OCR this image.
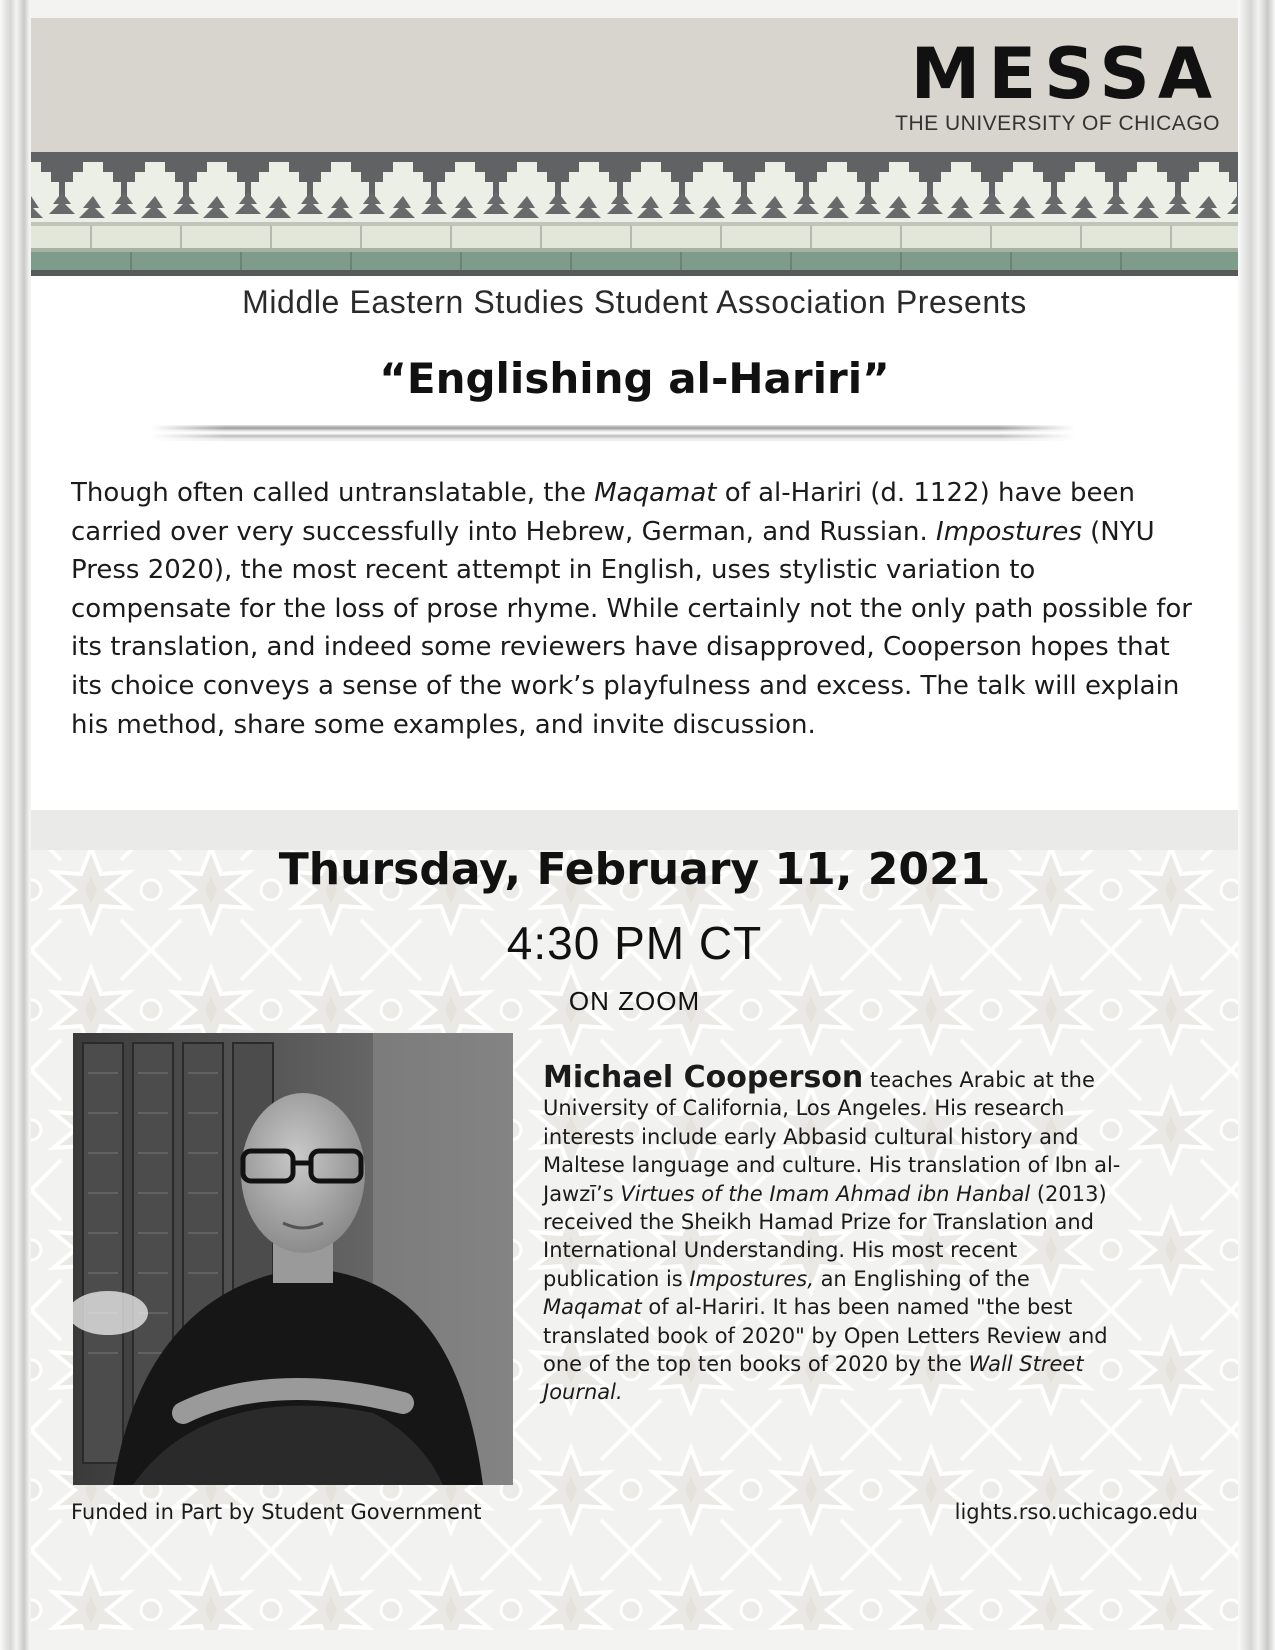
MESSA
THE UNIVERSITY OF CHICAGO
Middle Eastern Studies Student Association Presents
“Englishing al-Hariri”
Though often called untranslatable, the Maqamat of al-Hariri (d. 1122) have been carried over very successfully into Hebrew, German, and Russian. Impostures (NYU Press 2020), the most recent attempt in English, uses stylistic variation to compensate for the loss of prose rhyme. While certainly not the only path possible for its translation, and indeed some reviewers have disapproved, Cooperson hopes that its choice conveys a sense of the work’s playfulness and excess. The talk will explain his method, share some examples, and invite discussion.
Thursday, February 11, 2021
4:30 PM CT
ON ZOOM
Michael Cooperson teaches Arabic at the University of California, Los Angeles. His research interests include early Abbasid cultural history and Maltese language and culture. His translation of Ibn al-Jawzī’s Virtues of the Imam Ahmad ibn Hanbal (2013) received the Sheikh Hamad Prize for Translation and International Understanding. His most recent publication is Impostures, an Englishing of the Maqamat of al-Hariri. It has been named "the best translated book of 2020" by Open Letters Review and one of the top ten books of 2020 by the Wall Street Journal.
Funded in Part by Student Government	lights.rso.uchicago.edu
